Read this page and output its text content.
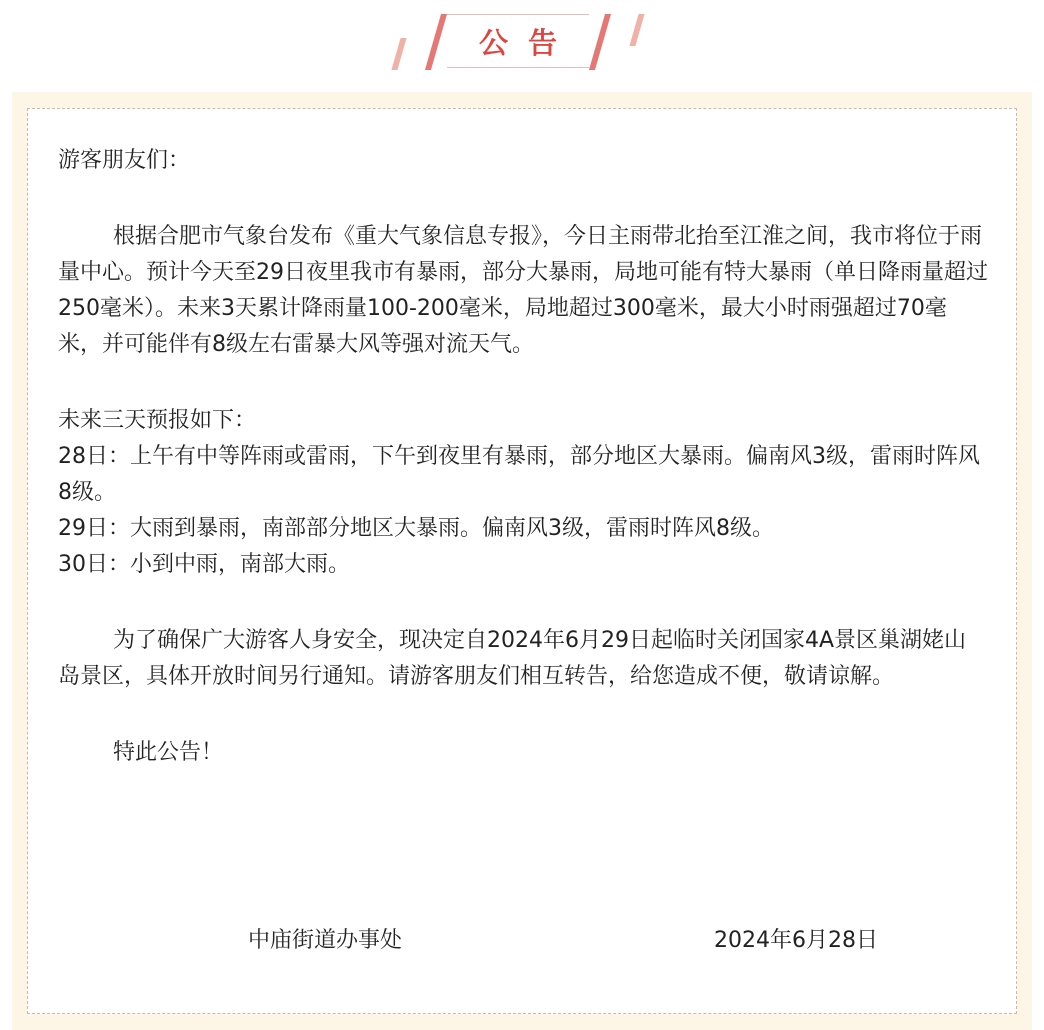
公告

游客朋友们：

根据合肥市气象台发布《重大气象信息专报》，今日主雨带北抬至江淮之间，我市将位于雨量中心。预计今天至29日夜里我市有暴雨，部分大暴雨，局地可能有特大暴雨（单日降雨量超过250毫米）。未来3天累计降雨量100-200毫米，局地超过300毫米，最大小时雨强超过70毫米，并可能伴有8级左右雷暴大风等强对流天气。

未来三天预报如下：

28日：上午有中等阵雨或雷雨，下午到夜里有暴雨，部分地区大暴雨。偏南风3级，雷雨时阵风8级。

29日：大雨到暴雨，南部部分地区大暴雨。偏南风3级，雷雨时阵风8级。

30日：小到中雨，南部大雨。

为了确保广大游客人身安全，现决定自2024年6月29日起临时关闭国家4A景区巢湖姥山岛景区，具体开放时间另行通知。请游客朋友们相互转告，给您造成不便，敬请谅解。

特此公告！

中庙街道办事处	2024年6月28日
